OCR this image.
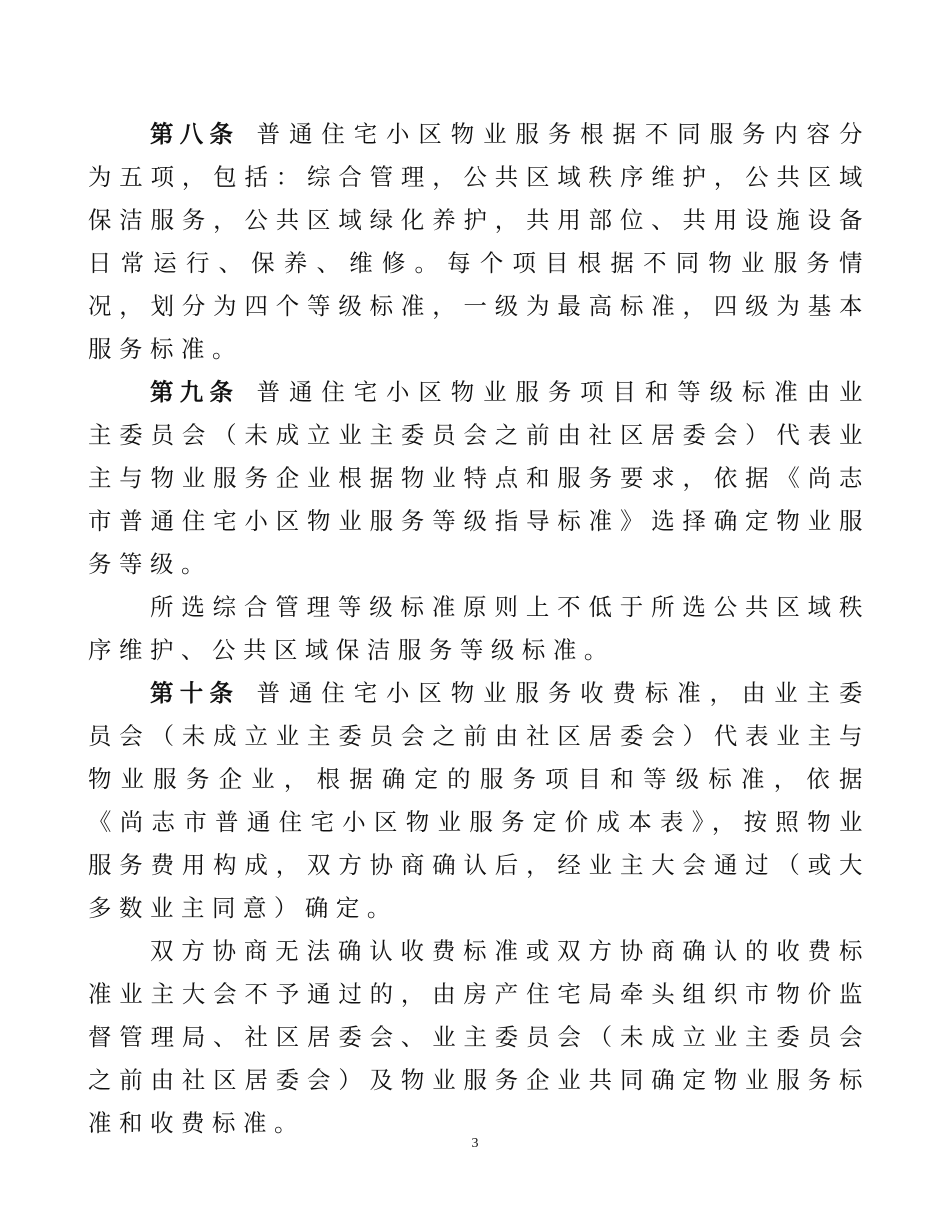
第八条 普通住宅小区物业服务根据不同服务内容分为五项，包括：综合管理，公共区域秩序维护，公共区域保洁服务，公共区域绿化养护，共用部位、共用设施设备日常运行、保养、维修。每个项目根据不同物业服务情况，划分为四个等级标准，一级为最高标准，四级为基本服务标准。

第九条 普通住宅小区物业服务项目和等级标准由业主委员会（未成立业主委员会之前由社区居委会）代表业主与物业服务企业根据物业特点和服务要求，依据《尚志市普通住宅小区物业服务等级指导标准》选择确定物业服务等级。

所选综合管理等级标准原则上不低于所选公共区域秩序维护、公共区域保洁服务等级标准。

第十条 普通住宅小区物业服务收费标准，由业主委员会（未成立业主委员会之前由社区居委会）代表业主与物业服务企业，根据确定的服务项目和等级标准，依据《尚志市普通住宅小区物业服务定价成本表》，按照物业服务费用构成，双方协商确认后，经业主大会通过（或大多数业主同意）确定。

双方协商无法确认收费标准或双方协商确认的收费标准业主大会不予通过的，由房产住宅局牵头组织市物价监督管理局、社区居委会、业主委员会（未成立业主委员会之前由社区居委会）及物业服务企业共同确定物业服务标准和收费标准。

3
